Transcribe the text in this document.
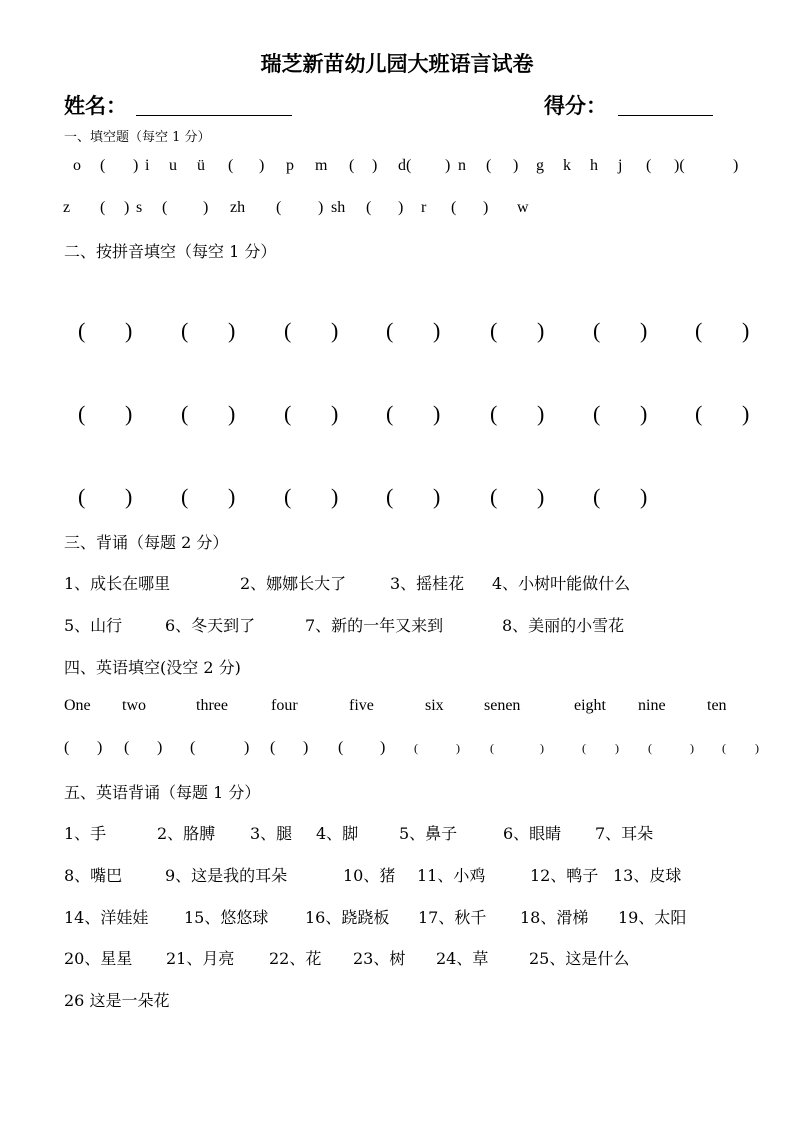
瑞芝新苗幼儿园大班语言试卷
姓名：	得分：
一、填空题（每空 1 分）
o ( ) i u ü ( ) p m ( ) d( ) n ( ) g k h j ( )(	)
z ( ) s ( ) zh ( ) sh ( ) r ( ) w
二、按拼音填空（每空 1 分）
( ) ( ) ( ) ( ) ( ) ( ) ( )
( ) ( ) ( ) ( ) ( ) ( ) ( )
( ) ( ) ( ) ( ) ( ) ( )
三、背诵（每题 2 分）
1、成长在哪里	2、娜娜长大了	3、摇桂花 4、小树叶能做什么
5、山行	6、冬天到了	7、新的一年又来到	8、美丽的小雪花
四、英语填空(没空 2 分)
One two	three	four	five	six	senen	eight nine	ten
( ) ( ) (	) ( ) ( ) (	)	(	)	( ) (	) ( )
五、英语背诵（每题 1 分）
1、手	2、胳膊 3、腿 4、脚	5、鼻子	6、眼睛 7、耳朵
8、嘴巴	9、这是我的耳朵	10、猪 11、小鸡	12、鸭子 13、皮球
14、洋娃娃 15、悠悠球 16、跷跷板 17、秋千 18、滑梯 19、太阳
20、星星 21、月亮 22、花 23、树 24、草	25、这是什么
26 这是一朵花
